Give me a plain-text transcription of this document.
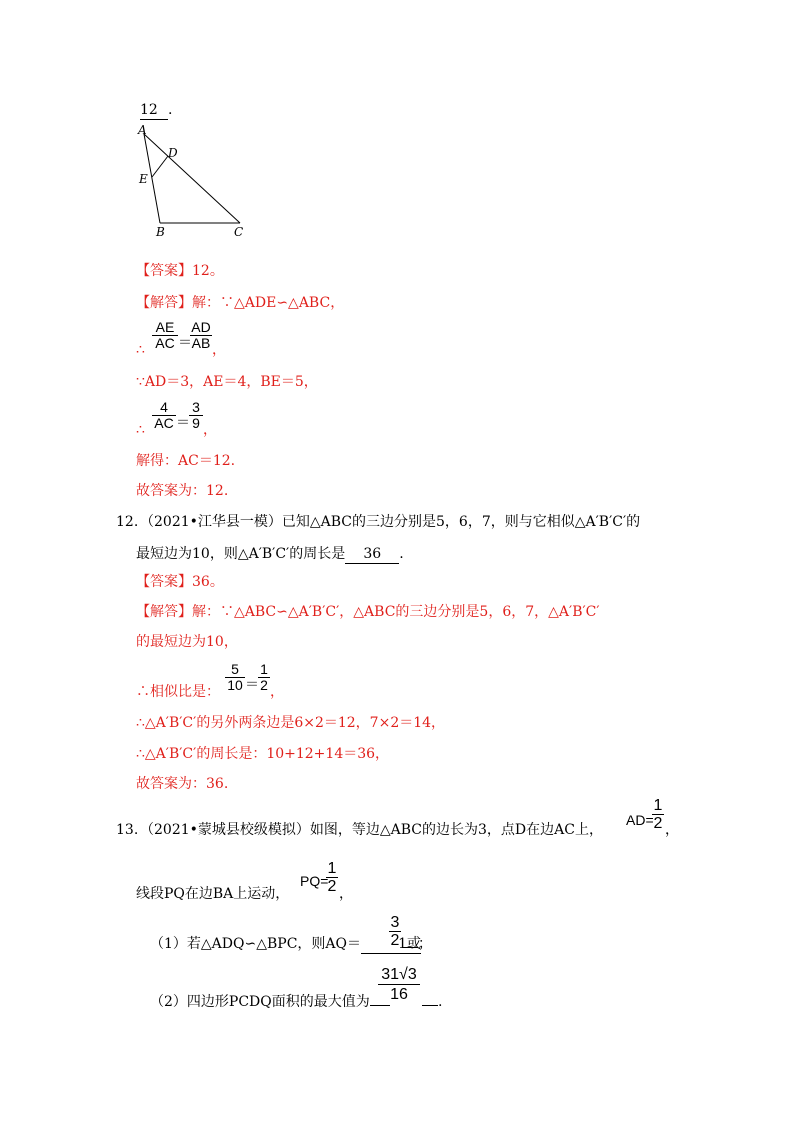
12 .
A
D
E
B	C
【答案】12。
【解答】解：∵△ADE∽△ABC，
∴ $\frac{AE}{AC}$ ＝
$\frac{AD}{AB}$ ，
∵AD＝3，AE＝4，BE＝5，
∴ $\frac{4}{AC} = \frac{3}{9}$ ，
解得：AC＝12.
故答案为：12.
12. （2021•江华县一模）已知△ABC的三边分别是5，6，7，则与它相似△A′B′C′的
最短边为10，则△A′B′C′的周长是 36 .
【答案】36。
【解答】解：∵△ABC∽△A′B′C′，△ABC的三边分别是5，6，7，△A′B′C′
的最短边为10，
∴相似比是： $\frac{5}{10} = \frac{1}{2}$ ，
∴△A′B′C′的另外两条边是6×2＝12，7×2＝14，
∴△A′B′C′的周长是：10+12+14＝36，
故答案为：36.
13. （2021•蒙城县校级模拟）如图，等边△ABC的边长为3，点D在边AC上，
AD=
$\frac{1}{2}$ ，
线段PQ在边BA上运动，
PQ=
$\frac{1}{2}$ ，
（1）若△ADQ∽△BPC，则AQ＝	1或
$\frac{3}{2}$	；
（2）四边形PCDQ面积的最大值为 $\frac{31√3}{16}$	.
